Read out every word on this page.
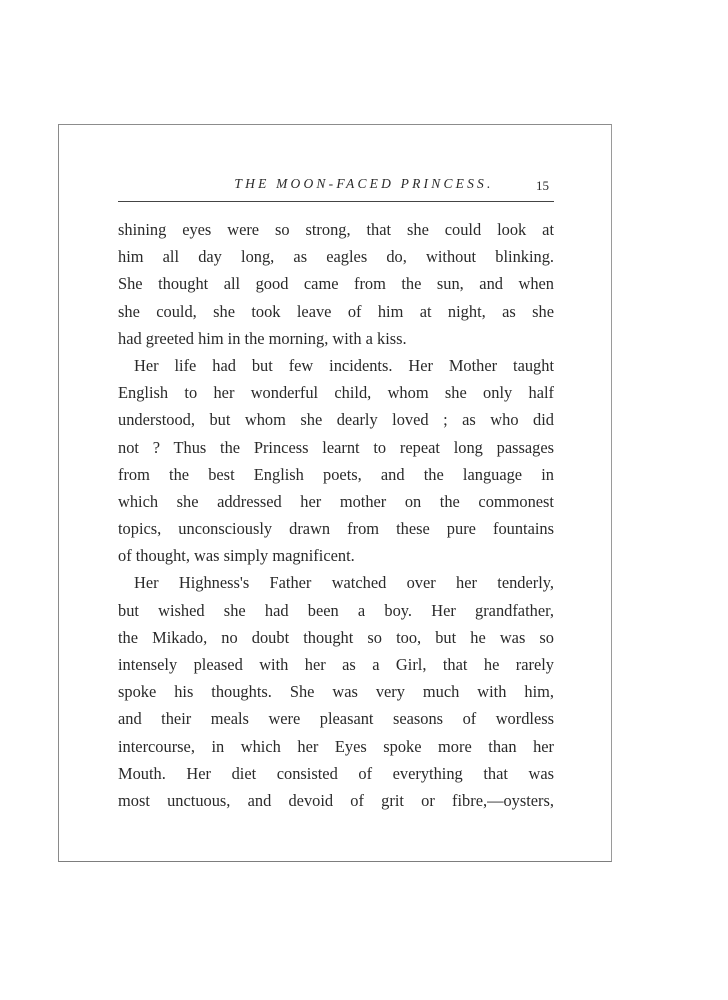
THE MOON-FACED PRINCESS.	15
shining eyes were so strong, that she could look at
him all day long, as eagles do, without blinking.
She thought all good came from the sun, and when
she could, she took leave of him at night, as she
had greeted him in the morning, with a kiss.
Her life had but few incidents. Her Mother taught
English to her wonderful child, whom she only half
understood, but whom she dearly loved ; as who did
not ? Thus the Princess learnt to repeat long passages
from the best English poets, and the language in
which she addressed her mother on the commonest
topics, unconsciously drawn from these pure fountains
of thought, was simply magnificent.
Her Highness's Father watched over her tenderly,
but wished she had been a boy. Her grandfather,
the Mikado, no doubt thought so too, but he was so
intensely pleased with her as a Girl, that he rarely
spoke his thoughts. She was very much with him,
and their meals were pleasant seasons of wordless
intercourse, in which her Eyes spoke more than her
Mouth. Her diet consisted of everything that was
most unctuous, and devoid of grit or fibre,—oysters,
